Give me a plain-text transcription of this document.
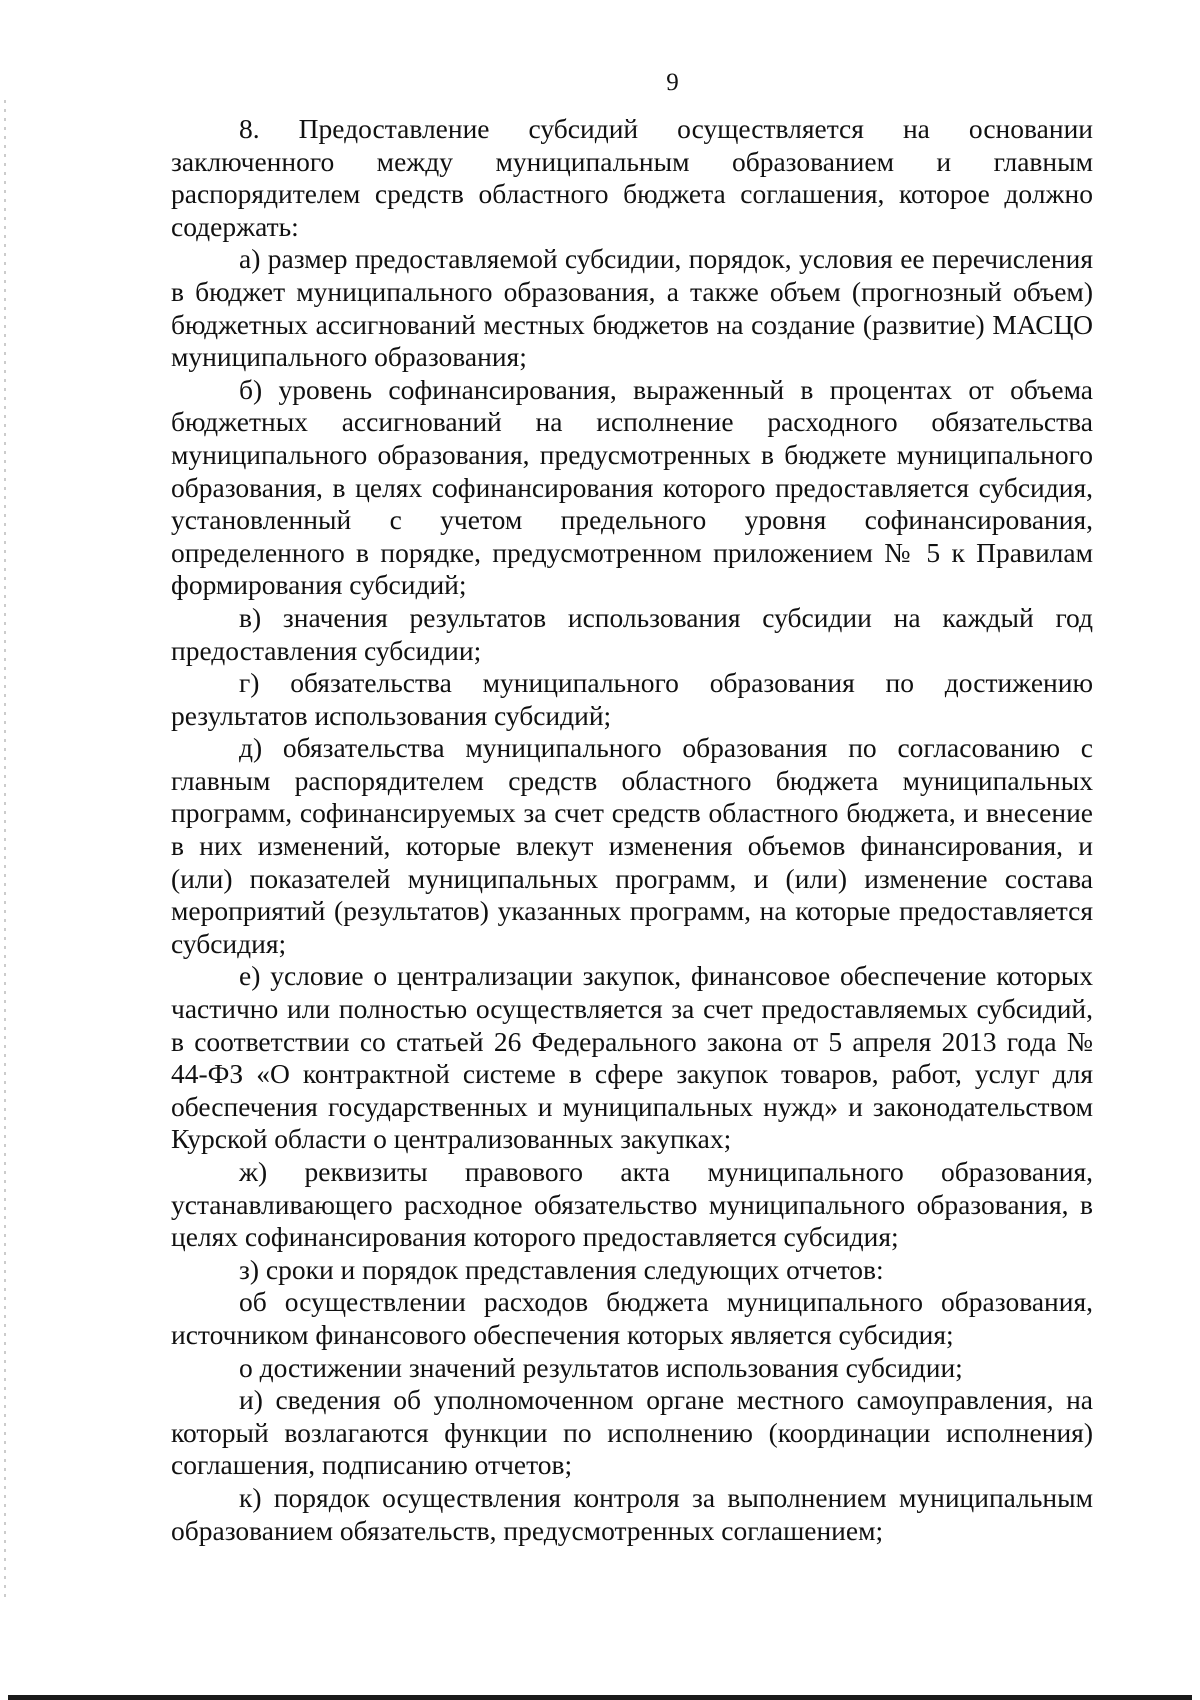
9

8. Предоставление субсидий осуществляется на основании заключенного между муниципальным образованием и главным распорядителем средств областного бюджета соглашения, которое должно содержать:

а) размер предоставляемой субсидии, порядок, условия ее перечисления в бюджет муниципального образования, а также объем (прогнозный объем) бюджетных ассигнований местных бюджетов на создание (развитие) МАСЦО муниципального образования;

б) уровень софинансирования, выраженный в процентах от объема бюджетных ассигнований на исполнение расходного обязательства муниципального образования, предусмотренных в бюджете муниципального образования, в целях софинансирования которого предоставляется субсидия, установленный с учетом предельного уровня софинансирования, определенного в порядке, предусмотренном приложением № 5 к Правилам формирования субсидий;

в) значения результатов использования субсидии на каждый год предоставления субсидии;

г) обязательства муниципального образования по достижению результатов использования субсидий;

д) обязательства муниципального образования по согласованию с главным распорядителем средств областного бюджета муниципальных программ, софинансируемых за счет средств областного бюджета, и внесение в них изменений, которые влекут изменения объемов финансирования, и (или) показателей муниципальных программ, и (или) изменение состава мероприятий (результатов) указанных программ, на которые предоставляется субсидия;

е) условие о централизации закупок, финансовое обеспечение которых частично или полностью осуществляется за счет предоставляемых субсидий, в соответствии со статьей 26 Федерального закона от 5 апреля 2013 года № 44-ФЗ «О контрактной системе в сфере закупок товаров, работ, услуг для обеспечения государственных и муниципальных нужд» и законодательством Курской области о централизованных закупках;

ж) реквизиты правового акта муниципального образования, устанавливающего расходное обязательство муниципального образования, в целях софинансирования которого предоставляется субсидия;

з) сроки и порядок представления следующих отчетов:

об осуществлении расходов бюджета муниципального образования, источником финансового обеспечения которых является субсидия;

о достижении значений результатов использования субсидии;

и) сведения об уполномоченном органе местного самоуправления, на который возлагаются функции по исполнению (координации исполнения) соглашения, подписанию отчетов;

к) порядок осуществления контроля за выполнением муниципальным образованием обязательств, предусмотренных соглашением;
